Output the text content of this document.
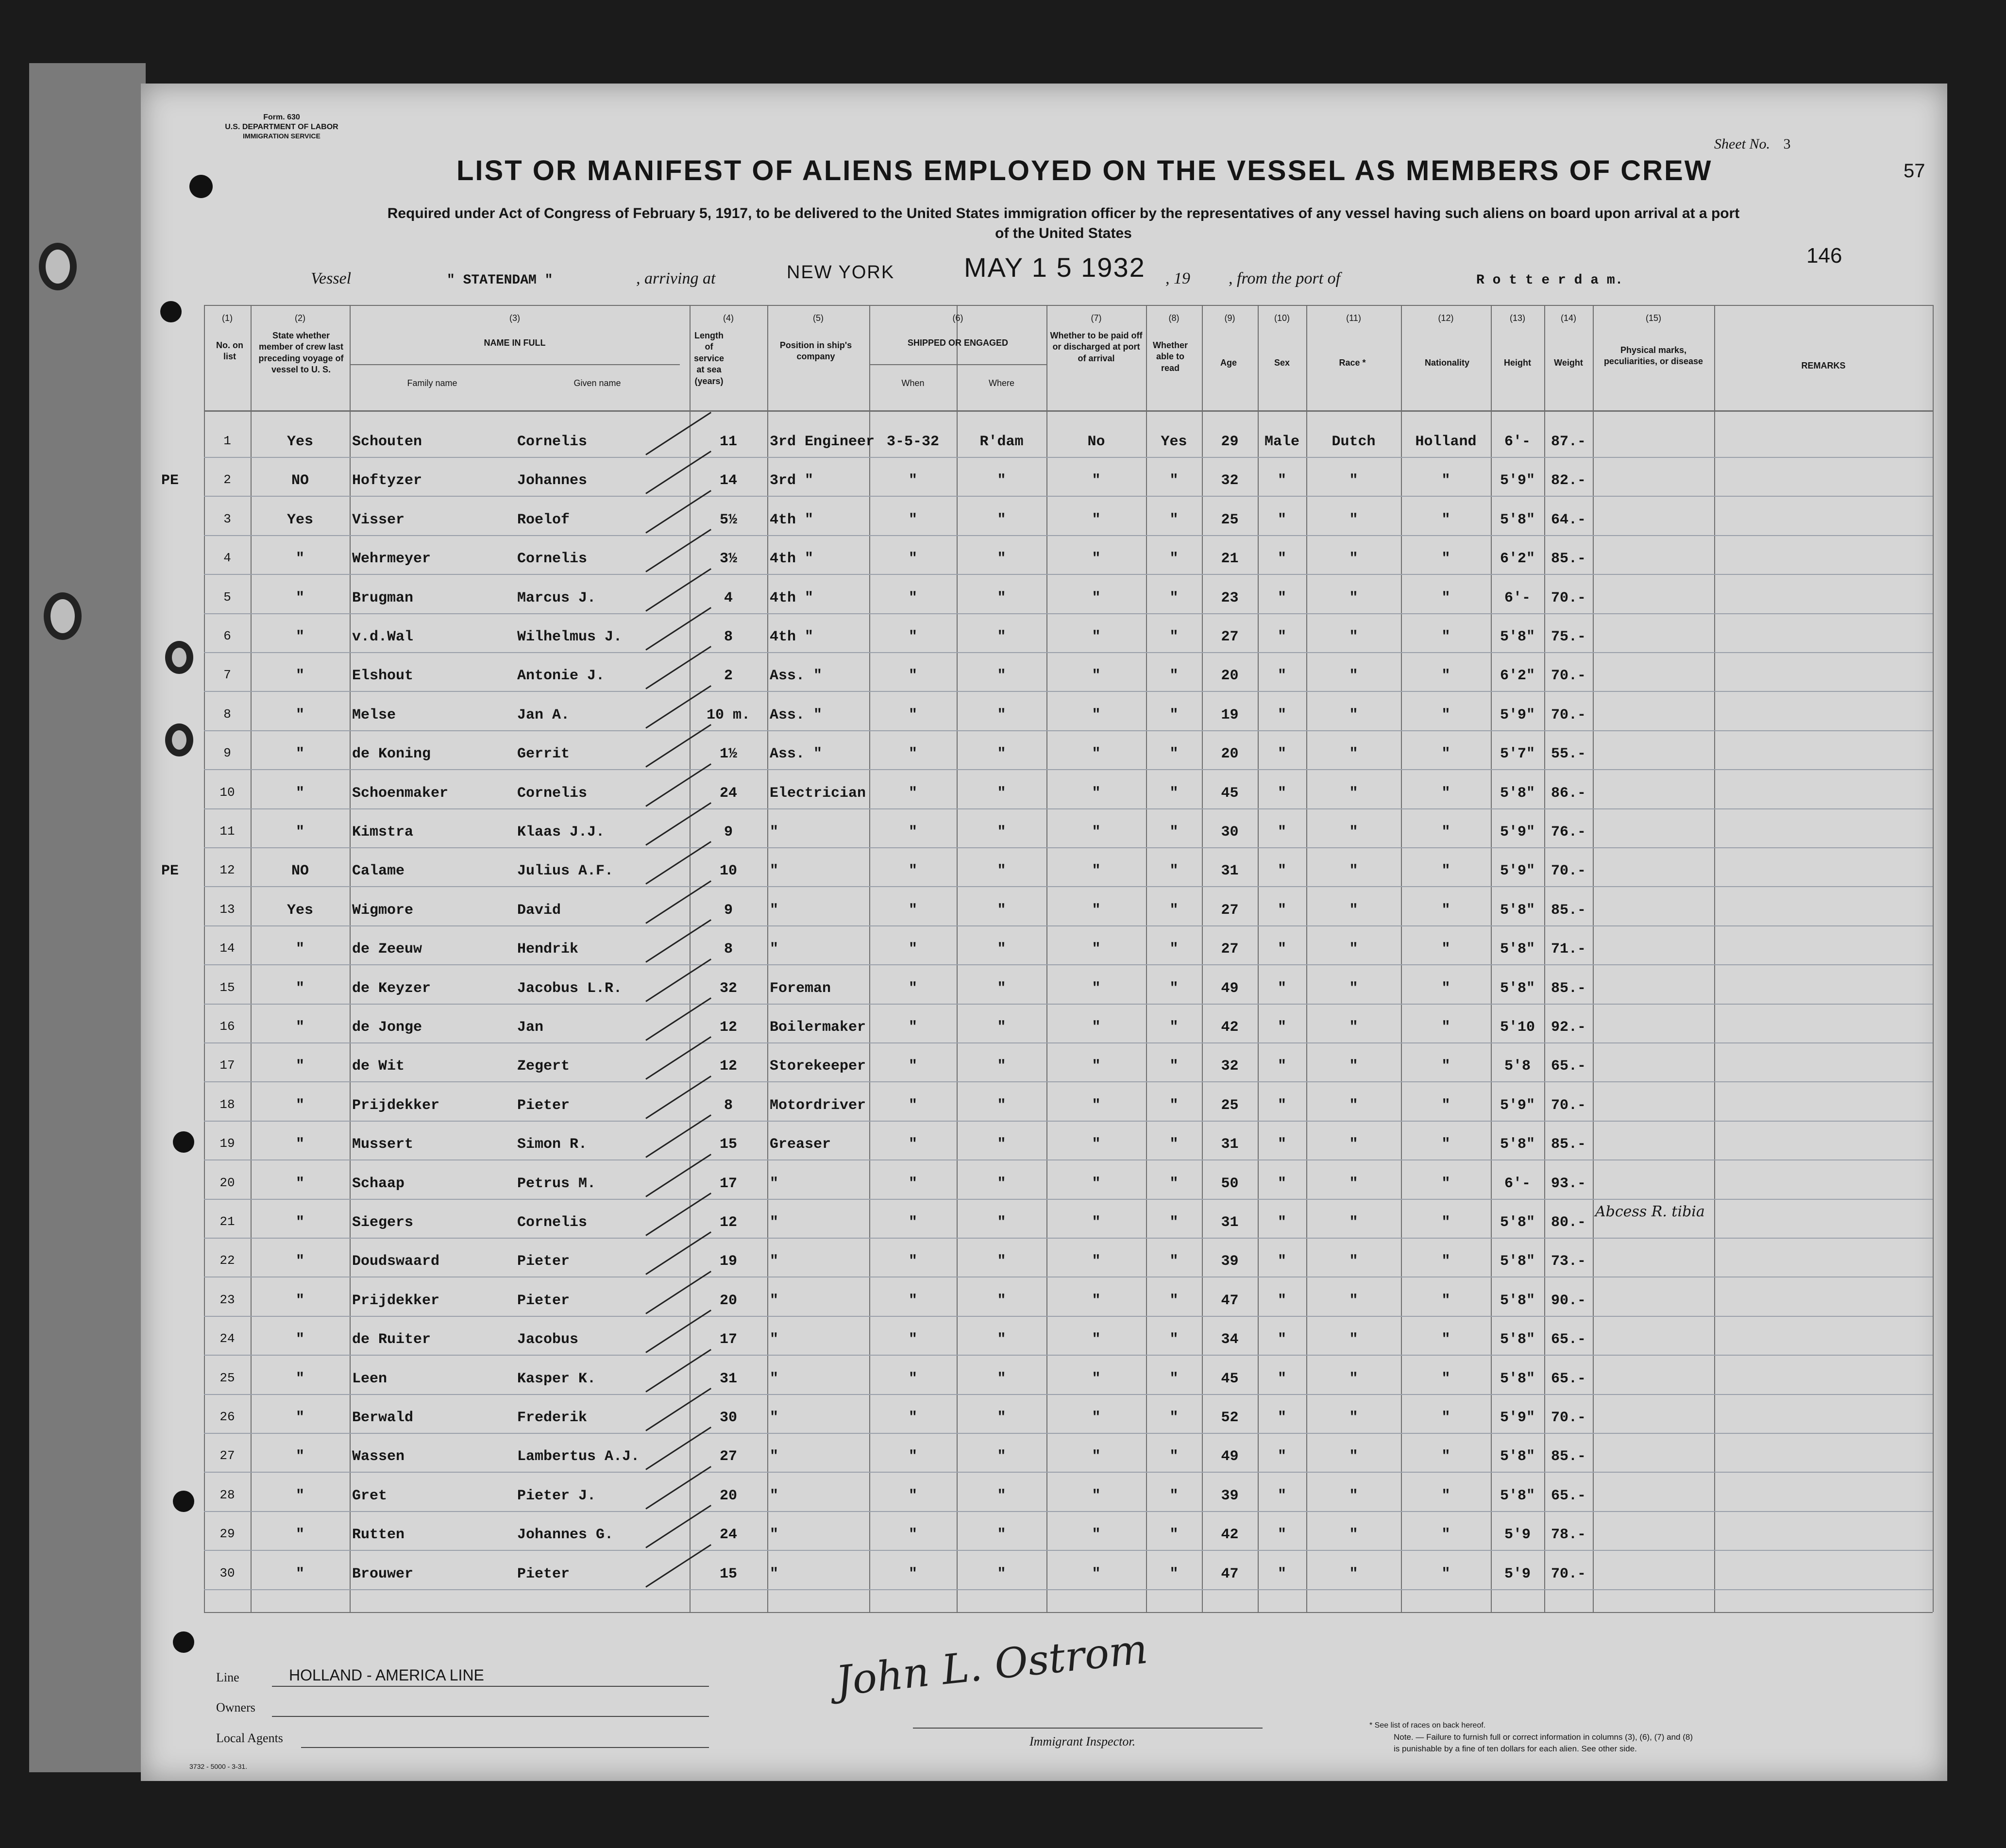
Form. 630
U.S. DEPARTMENT OF LABOR
IMMIGRATION SERVICE	Sheet No. 3
57
LIST OR MANIFEST OF ALIENS EMPLOYED ON THE VESSEL AS MEMBERS OF CREW
Required under Act of Congress of February 5, 1917, to be delivered to the United States immigration officer by the representatives of any vessel having such aliens on board upon arrival at a port
of the United States
146
Vessel	" STATENDAM "	, arriving at	NEW YORK	MAY 1 5 1932 , 19 , from the port of	R o t t e r d a m.
(1)	(2)	(3)	(4)	(5)	(6)	(7)	(8)	(9)	(10)	(11)	(12)	(13)	(14)	(15)
No. on list
State whether member of crew last preceding voyage of vessel to U. S.
NAME IN FULL
Family name	Given name
Length of service at sea (years)
Position in ship's company
SHIPPED OR ENGAGED
When	Where
Whether to be paid off or discharged at port of arrival
Whether able to read
Age	Sex	Race *	Nationality	Height	Weight
Physical marks, peculiarities, or disease	REMARKS
1	Yes	Schouten	Cornelis	11	3rd Engineer 3-5-32	R'dam	No	Yes	29	Male	Dutch	Holland	6'-	87.-
PE	2	NO	Hoftyzer	Johannes	14	3rd "	"	"	"	"	32	"	"	"	5'9"	82.-
3	Yes	Visser	Roelof	5½	4th "	"	"	"	"	25	"	"	"	5'8"	64.-
4	"	Wehrmeyer	Cornelis	3½	4th "	"	"	"	"	21	"	"	"	6'2"	85.-
5	"	Brugman	Marcus J.	4	4th "	"	"	"	"	23	"	"	"	6'-	70.-
6	"	v.d.Wal	Wilhelmus J.	8	4th "	"	"	"	"	27	"	"	"	5'8"	75.-
7	"	Elshout	Antonie J.	2	Ass. "	"	"	"	"	20	"	"	"	6'2"	70.-
8	"	Melse	Jan A.	10 m.	Ass. "	"	"	"	"	19	"	"	"	5'9"	70.-
9	"	de Koning	Gerrit	1½	Ass. "	"	"	"	"	20	"	"	"	5'7"	55.-
10	"	Schoenmaker	Cornelis	24	Electrician	"	"	"	"	45	"	"	"	5'8"	86.-
11	"	Kimstra	Klaas J.J.	9	"	"	"	"	"	30	"	"	"	5'9"	76.-
PE	12	NO	Calame	Julius A.F.	10	"	"	"	"	"	31	"	"	"	5'9"	70.-
13	Yes	Wigmore	David	9	"	"	"	"	"	27	"	"	"	5'8"	85.-
14	"	de Zeeuw	Hendrik	8	"	"	"	"	"	27	"	"	"	5'8"	71.-
15	"	de Keyzer	Jacobus L.R.	32	Foreman	"	"	"	"	49	"	"	"	5'8"	85.-
16	"	de Jonge	Jan	12	Boilermaker	"	"	"	"	42	"	"	"	5'10	92.-
17	"	de Wit	Zegert	12	Storekeeper	"	"	"	"	32	"	"	"	5'8	65.-
18	"	Prijdekker	Pieter	8	Motordriver	"	"	"	"	25	"	"	"	5'9"	70.-
19	"	Mussert	Simon R.	15	Greaser	"	"	"	"	31	"	"	"	5'8"	85.-
20	"	Schaap	Petrus M.	17	"	"	"	"	"	50	"	"	"	6'-	93.-
21	"	Siegers	Cornelis	12	"	"	"	"	"	31	"	"	"	5'8"	80.-
Abcess R. tibia
22	"	Doudswaard	Pieter	19	"	"	"	"	"	39	"	"	"	5'8"	73.-
23	"	Prijdekker	Pieter	20	"	"	"	"	"	47	"	"	"	5'8"	90.-
24	"	de Ruiter	Jacobus	17	"	"	"	"	"	34	"	"	"	5'8"	65.-
25	"	Leen	Kasper K.	31	"	"	"	"	"	45	"	"	"	5'8"	65.-
26	"	Berwald	Frederik	30	"	"	"	"	"	52	"	"	"	5'9"	70.-
27	"	Wassen	Lambertus A.J.	27	"	"	"	"	"	49	"	"	"	5'8"	85.-
28	"	Gret	Pieter J.	20	"	"	"	"	"	39	"	"	"	5'8"	65.-
29	"	Rutten	Johannes G.	24	"	"	"	"	"	42	"	"	"	5'9	78.-
30	"	Brouwer	Pieter	15	"	"	"	"	"	47	"	"	"	5'9	70.-
Line	HOLLAND - AMERICA LINE
Owners
Local Agents
John L. Ostrom
Immigrant Inspector.
* See list of races on back hereof.
Note. — Failure to furnish full or correct information in columns (3), (6), (7) and (8)
is punishable by a fine of ten dollars for each alien. See other side.
3732 - 5000 - 3-31.
